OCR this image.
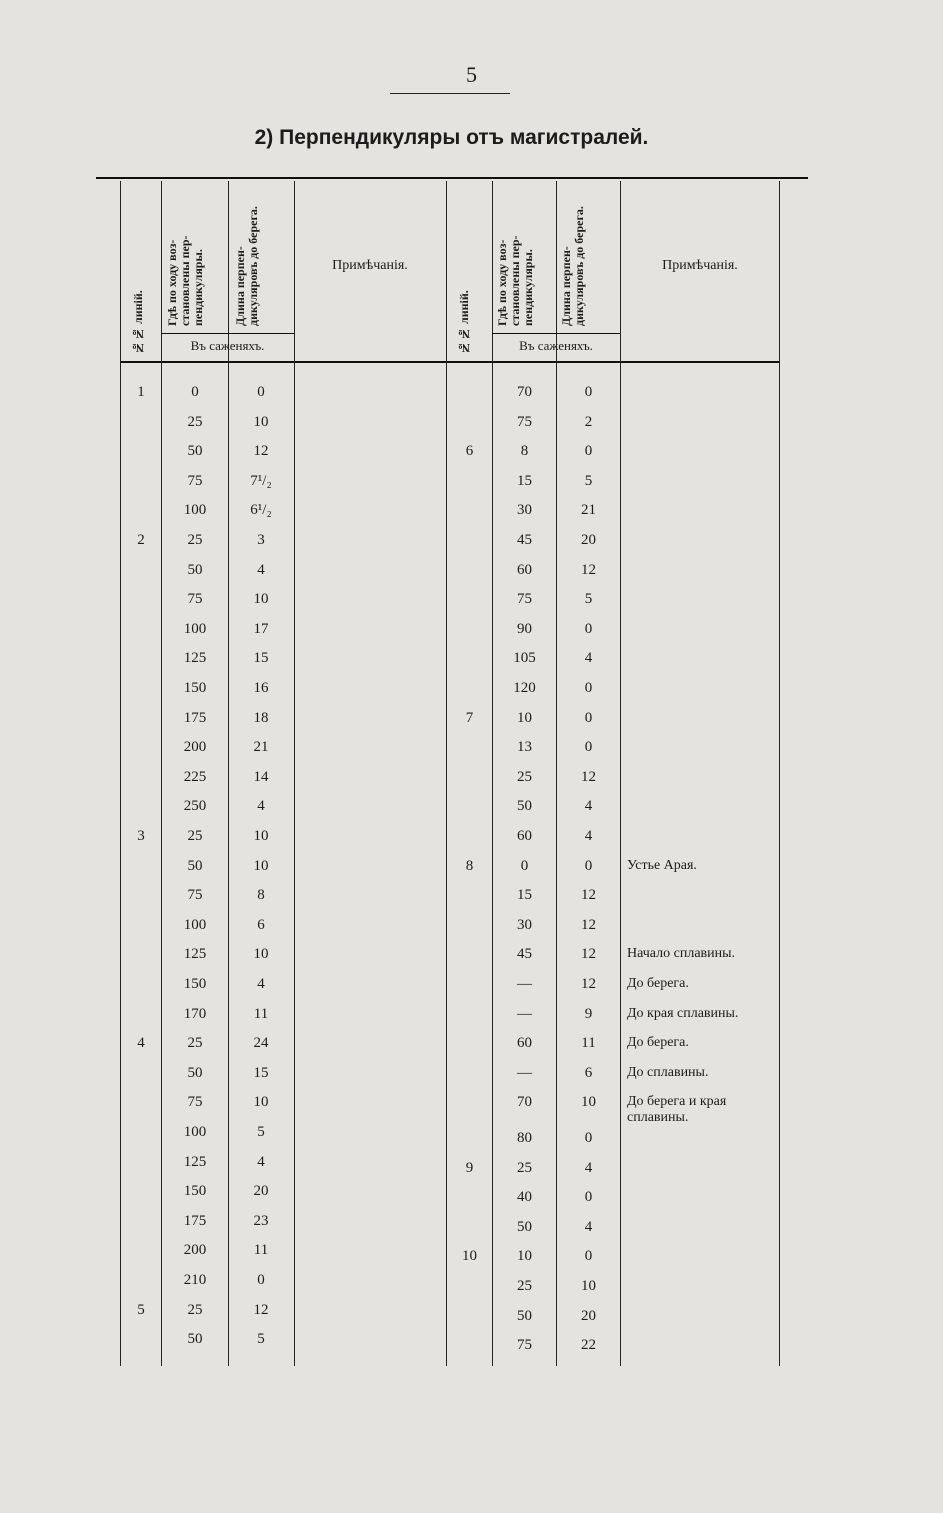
5
2) Перпендикуляры отъ магистралей.
№№ линій. Гдѣ по ходу воз-становлены пер-пендикуляры.	Длина перпен-дикуляровъ до берега.	Примѣчанія.
Въ саженяхъ.	№№ линій. Гдѣ по ходу воз-становлены пер-пендикуляры.	Длина перпен-дикуляровъ до берега.	Примѣчанія.
Въ саженяхъ.
1	0	0
25	10
50	12
75	7¹/₂
100	6¹/₂
2	25	3
50	4
75	10
100	17
125	15
150	16
175	18
200	21
225	14
250	4
3	25	10
50	10
75	8
100	6
125	10
150	4
170	11
4	25	24
50	15
75	10
100	5
125	4
150	20
175	23
200	11
210	0
5	25	12
50	5
70	0
75	2
6	8	0
15	5
30	21
45	20
60	12
75	5
90	0
105	4
120	0
7	10	0
13	0
25	12
50	4
60	4
8	0	0	Устье Арая.
15	12
30	12
45	12	Начало сплавины.
—	12	До берега.
—	9	До края сплавины.
60	11	До берега.
—	6	До сплавины.
70	10	До берега и края сплавины.
80	0
9	25	4
40	0
50	4
10	10	0
25	10
50	20
75	22
